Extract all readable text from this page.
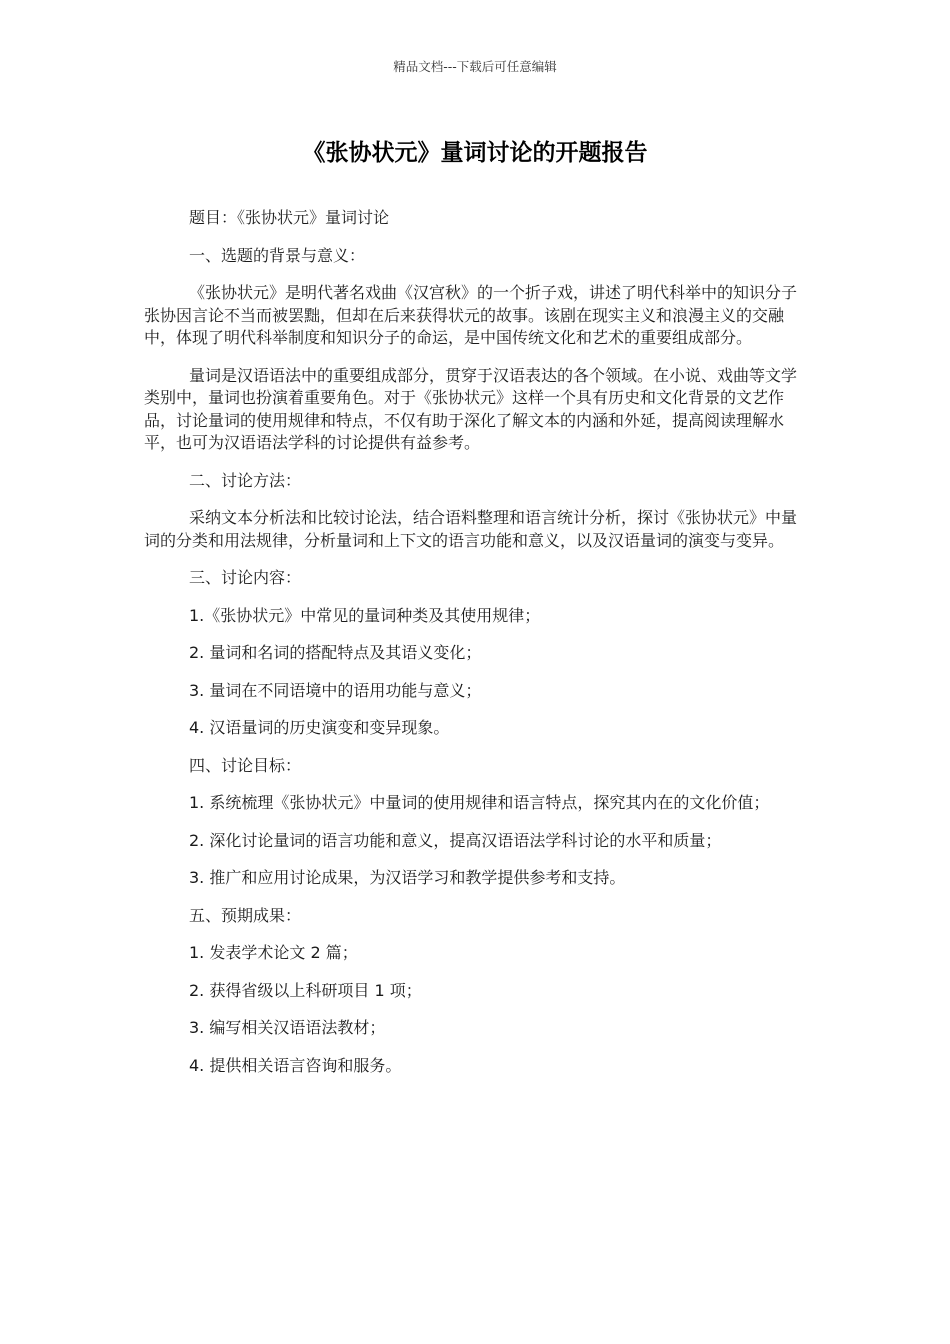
精品文档---下载后可任意编辑
《张协状元》量词讨论的开题报告

题目：《张协状元》量词讨论

一、选题的背景与意义：

《张协状元》是明代著名戏曲《汉宫秋》的一个折子戏，讲述了明代科举中的知识分子张协因言论不当而被罢黜，但却在后来获得状元的故事。该剧在现实主义和浪漫主义的交融中，体现了明代科举制度和知识分子的命运，是中国传统文化和艺术的重要组成部分。

量词是汉语语法中的重要组成部分，贯穿于汉语表达的各个领域。在小说、戏曲等文学类别中，量词也扮演着重要角色。对于《张协状元》这样一个具有历史和文化背景的文艺作品，讨论量词的使用规律和特点，不仅有助于深化了解文本的内涵和外延，提高阅读理解水平，也可为汉语语法学科的讨论提供有益参考。

二、讨论方法：

采纳文本分析法和比较讨论法，结合语料整理和语言统计分析，探讨《张协状元》中量词的分类和用法规律，分析量词和上下文的语言功能和意义，以及汉语量词的演变与变异。

三、讨论内容：

1.《张协状元》中常见的量词种类及其使用规律；

2. 量词和名词的搭配特点及其语义变化；

3. 量词在不同语境中的语用功能与意义；

4. 汉语量词的历史演变和变异现象。

四、讨论目标：

1. 系统梳理《张协状元》中量词的使用规律和语言特点，探究其内在的文化价值；

2. 深化讨论量词的语言功能和意义，提高汉语语法学科讨论的水平和质量；

3. 推广和应用讨论成果，为汉语学习和教学提供参考和支持。

五、预期成果：

1. 发表学术论文 2 篇；

2. 获得省级以上科研项目 1 项；

3. 编写相关汉语语法教材；

4. 提供相关语言咨询和服务。
